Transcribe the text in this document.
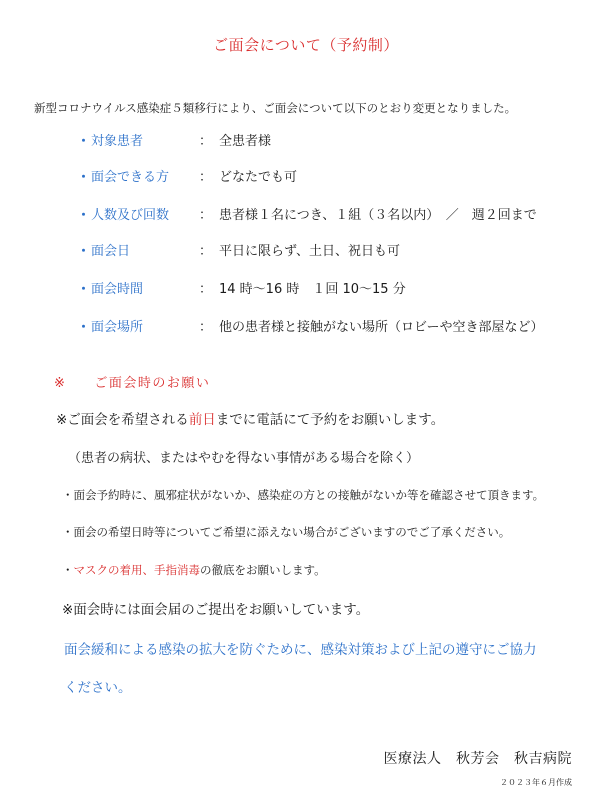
ご面会について（予約制）
新型コロナウイルス感染症５類移行により、ご面会について以下のとおり変更となりました。
・ 対象患者	： 全患者様
・ 面会できる方 ： どなたでも可
・ 人数及び回数 ： 患者様１名につき、１組（３名以内）　／　週２回まで
・ 面会日	： 平日に限らず、土日、祝日も可
・ 面会時間	： 14 時～16 時　１回 10～15 分
・ 面会場所	： 他の患者様と接触がない場所（ロビーや空き部屋など）
※ ご面会時のお願い
※ご面会を希望される前日までに電話にて予約をお願いします。
（患者の病状、またはやむを得ない事情がある場合を除く）
・面会予約時に、風邪症状がないか、感染症の方との接触がないか等を確認させて頂きます。
・面会の希望日時等についてご希望に添えない場合がございますのでご了承ください。
・マスクの着用、手指消毒の徹底をお願いします。
※面会時には面会届のご提出をお願いしています。
面会緩和による感染の拡大を防ぐために、感染対策および上記の遵守にご協力
ください。
医療法人　秋芳会　秋吉病院
２０２３年６月作成
